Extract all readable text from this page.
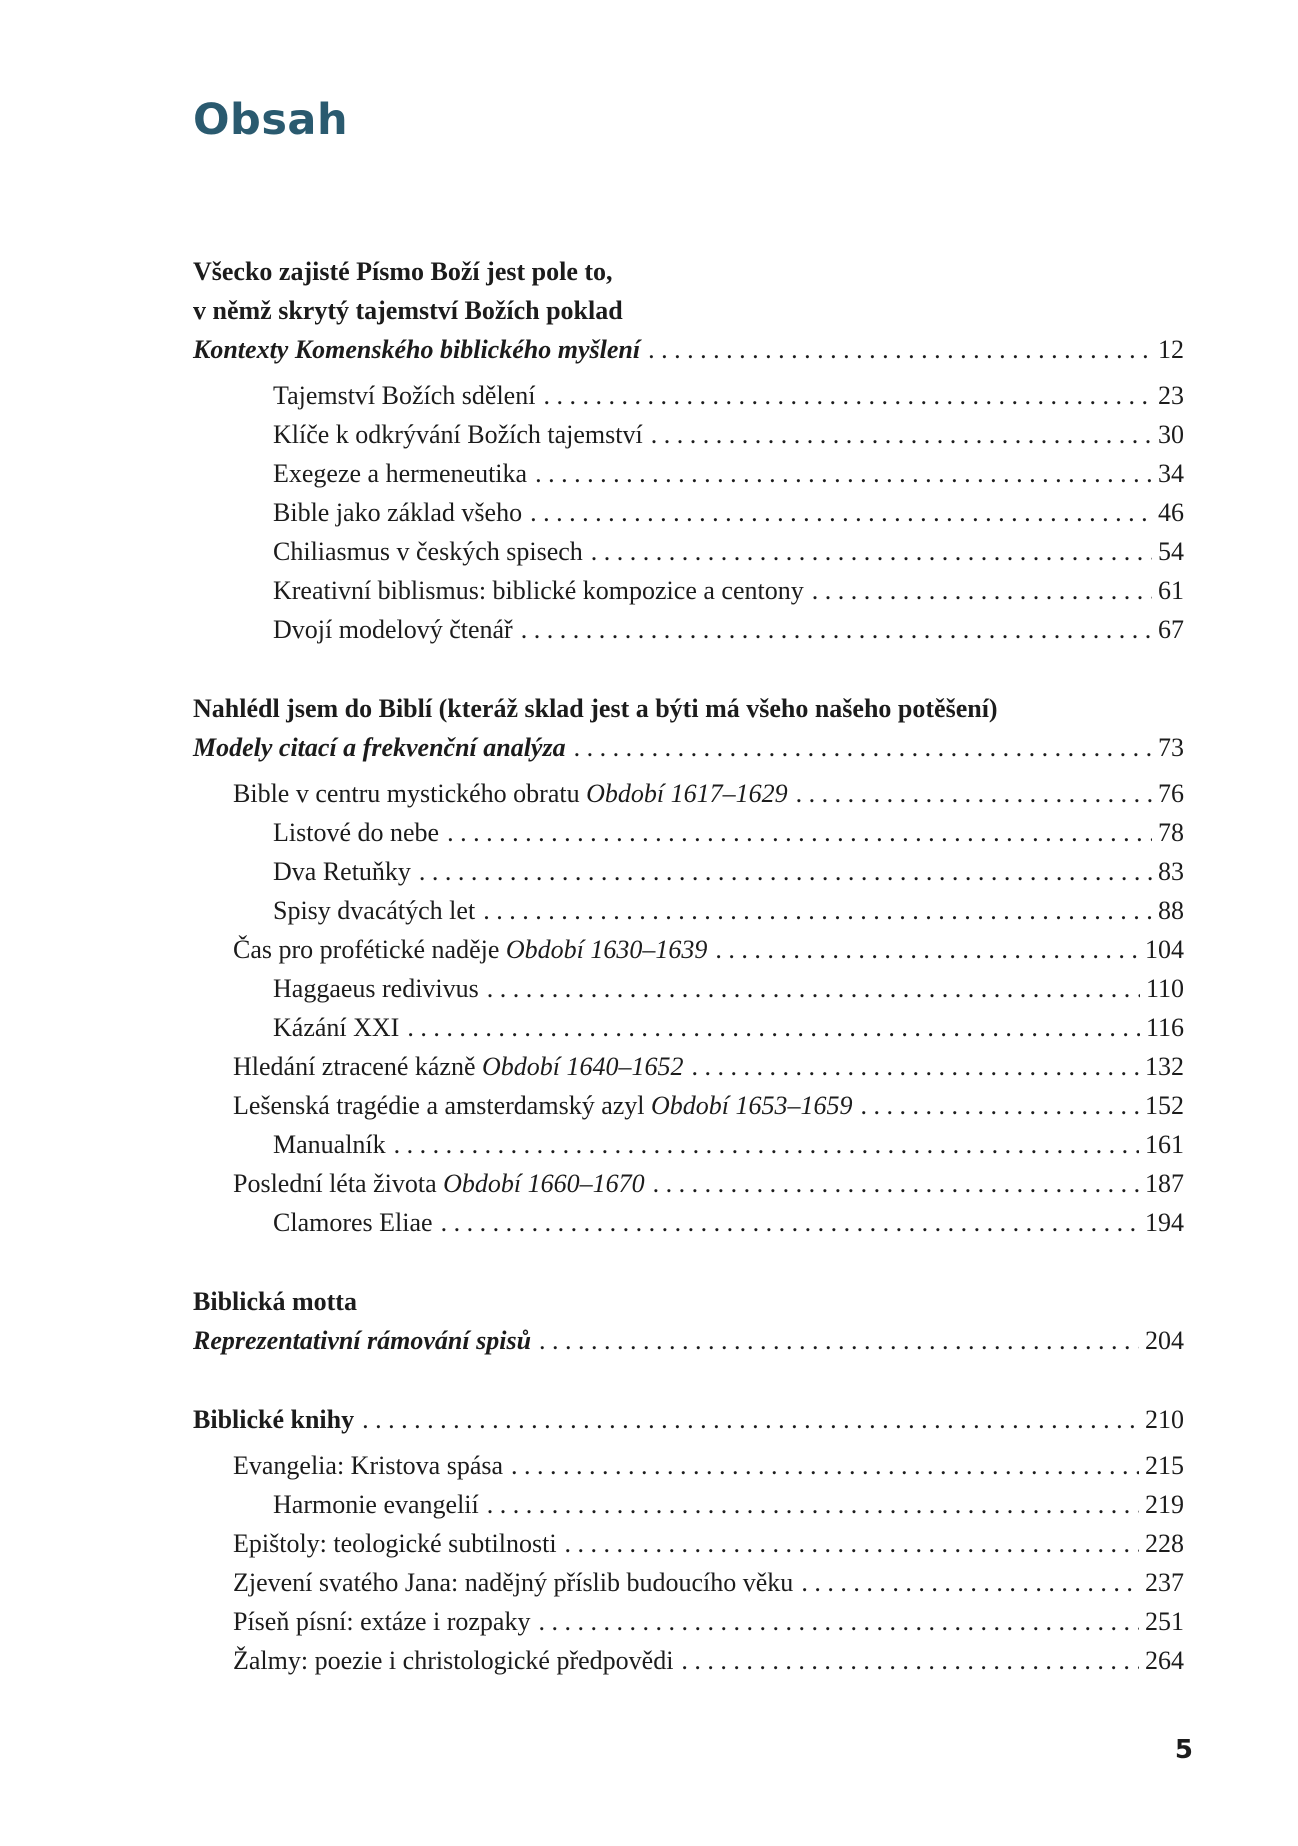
Obsah
Všecko zajisté Písmo Boží jest pole to,
v němž skrytý tajemství Božích poklad
Kontexty Komenského biblického myšlení . . .	12
Tajemství Božích sdělení . . .	23
Klíče k odkrývání Božích tajemství . . .	30
Exegeze a hermeneutika . . .	34
Bible jako základ všeho . . .	46
Chiliasmus v českých spisech . . .	54
Kreativní biblismus: biblické kompozice a centony . . .	61
Dvojí modelový čtenář . . .	67
Nahlédl jsem do Biblí (kteráž sklad jest a býti má všeho našeho potěšení)
Modely citací a frekvenční analýza . . .	73
Bible v centru mystického obratu Období 1617–1629 . . .	76
Listové do nebe . . .	78
Dva Retuňky . . .	83
Spisy dvacátých let . . .	88
Čas pro profétické naděje Období 1630–1639 . . .	104
Haggaeus redivivus . . .	110
Kázání XXI . . .	116
Hledání ztracené kázně Období 1640–1652 . . .	132
Lešenská tragédie a amsterdamský azyl Období 1653–1659 . . .	152
Manualník . . .	161
Poslední léta života Období 1660–1670 . . .	187
Clamores Eliae . . .	194
Biblická motta
Reprezentativní rámování spisů . . .	204
Biblické knihy . . .	210
Evangelia: Kristova spása . . .	215
Harmonie evangelií . . .	219
Epištoly: teologické subtilnosti . . .	228
Zjevení svatého Jana: nadějný příslib budoucího věku . . .	237
Píseň písní: extáze i rozpaky . . .	251
Žalmy: poezie i christologické předpovědi . . .	264
5
